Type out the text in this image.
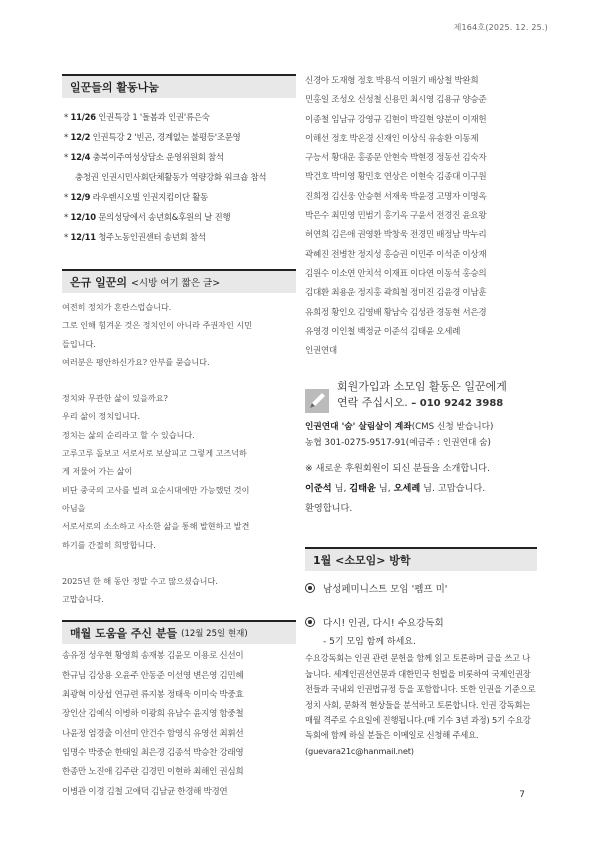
제164호(2025. 12. 25.)
일꾼들의 활동나눔
* 11/26 인권특강 1 '돌봄과 인권'류은숙
* 12/2 인권특강 2 '빈곤, 경계없는 불평등'조문영
* 12/4 충북이주여성상담소 운영위원회 참석
충청권 인권시민사회단체활동가 역량강화 워크숍 참석
* 12/9 라우렌시오빌 인권지킴이단 활동
* 12/10 문의성당에서 송년회&후원의 날 진행
* 12/11 청주노동인권센터 송년회 참석
은규 일꾼의 <시방 여기 짧은 글>
여전히 정치가 혼란스럽습니다.
그로 인해 힘겨운 것은 정치인이 아니라 주권자인 시민
들입니다.
여러분은 평안하신가요? 안부를 묻습니다.
정치와 무관한 삶이 있을까요?
우리 삶이 정치입니다.
정치는 삶의 순리라고 할 수 있습니다.
고루고루 돌보고 서로서로 보살피고 그렇게 고즈넉하
게 저물어 가는 삶이
비단 중국의 고사를 빌려 요순시대에만 가능했던 것이
아님을
서로서로의 소소하고 사소한 삶을 통해 발현하고 발견
하기를 간절히 희망합니다.
2025년 한 해 동안 정말 수고 많으셨습니다.
고맙습니다.
매월 도움을 주신 분들 (12월 25일 현재)
송유정 성우현 황영희 송재봉 김윤모 이용로 신선이
한규님 김상용 오윤주 안동준 이선영 변은영 김민혜
최광혁 이상섭 연규련 류지봉 정태욱 이미숙 박중효
장인산 김예식 이병하 이광희 유남수 윤지영 함중철
나윤정 엄경출 이선미 안건수 함영식 유영선 최휘선
임명수 박중순 한태일 최은경 김종석 박승찬 강래영
한종만 노진애 김주란 김경민 이현하 최해인 권심희
이병관 이경 김철 고애덕 김남균 한경해 박경연
신경아 도재형 정호 박용석 이원기 배상철 박완희
민홍일 조성오 신성철 신용민 최시영 김용규 양승준
이종철 임남규 강영규 김현이 박길현 양분이 이재헌
이해선 정호 박온경 신재인 이상식 유송환 이동제
구능서 황대운 홍종문 안현숙 박현경 정동선 김숙자
박건호 박미영 황민호 연상은 이현숙 김종대 이구원
진희정 김신웅 안승현 서재욱 박윤경 고명자 이명옥
박은수 최민영 민범기 홍기옥 구윤서 전경진 윤요왕
허연희 김은애 권영환 박창욱 전경민 배정남 박누리
곽혜진 전병찬 정지성 홍승권 이민주 이석준 이상재
김원수 이소연 안치석 이재표 이다연 이동석 홍승의
김대환 최용운 정지홍 곽희철 정미진 김윤경 이남훈
유희정 황인오 김영배 황남숙 김성관 경동현 서은경
유영경 이인철 백정균 이준석 김태윤 오세례
인권연대
회원가입과 소모임 활동은 일꾼에게
연락 주십시오. – 010 9242 3988
인권연대 '숨' 살림살이 계좌(CMS 신청 받습니다)
농협 301-0275-9517-91(예금주 : 인권연대 숨)
※ 새로운 후원회원이 되신 분들을 소개합니다.
이준석 님, 김태윤 님, 오세례 님. 고맙습니다.
환영합니다.
1월 <소모임> 방학
남성페미니스트 모임 '펨프 미'
다시! 인권, 다시! 수요강독회
- 5기 모임 함께 하세요.

수요강독회는 인권 관련 문헌을 함께 읽고 토론하며 글을 쓰고 나눕니다. 세계인권선언문과 대한민국 헌법을 비롯하여 국제인권장전들과 국내외 인권법규정 등을 포함합니다. 또한 인권을 기준으로 정치 사회, 문화적 현상들을 분석하고 토론합니다. 인권 강독회는 매월 격주로 수요일에 진행됩니다.(매 기수 3년 과정) 5기 수요강독회에 함께 하실 분들은 이메일로 신청해 주세요. (guevara21c@hanmail.net)

7
